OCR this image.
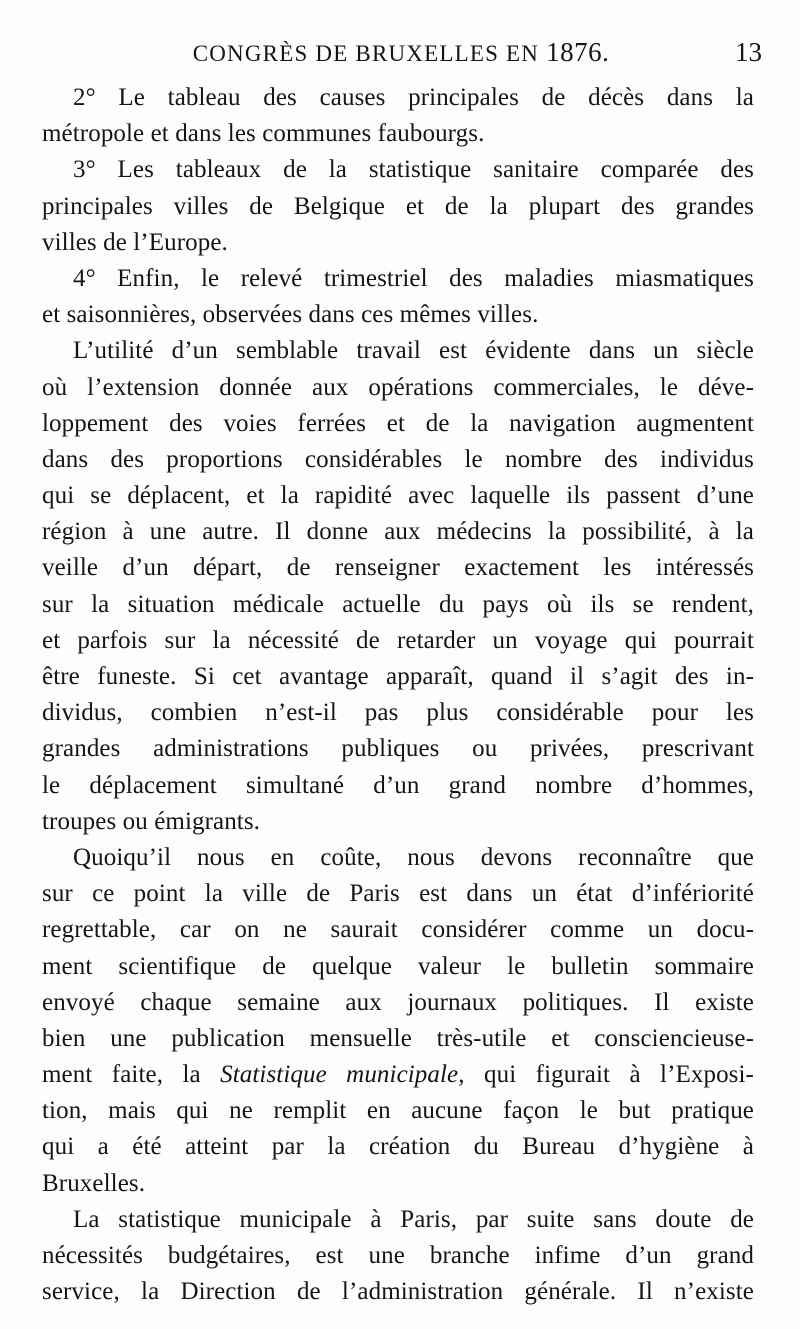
CONGRÈS DE BRUXELLES EN 1876.	13
2° Le tableau des causes principales de décès dans la
métropole et dans les communes faubourgs.
3° Les tableaux de la statistique sanitaire comparée des
principales villes de Belgique et de la plupart des grandes
villes de l’Europe.
4° Enfin, le relevé trimestriel des maladies miasmatiques
et saisonnières, observées dans ces mêmes villes.
L’utilité d’un semblable travail est évidente dans un siècle
où l’extension donnée aux opérations commerciales, le déve-
loppement des voies ferrées et de la navigation augmentent
dans des proportions considérables le nombre des individus
qui se déplacent, et la rapidité avec laquelle ils passent d’une
région à une autre. Il donne aux médecins la possibilité, à la
veille d’un départ, de renseigner exactement les intéressés
sur la situation médicale actuelle du pays où ils se rendent,
et parfois sur la nécessité de retarder un voyage qui pourrait
être funeste. Si cet avantage apparaît, quand il s’agit des in-
dividus, combien n’est-il pas plus considérable pour les
grandes administrations publiques ou privées, prescrivant
le déplacement simultané d’un grand nombre d’hommes,
troupes ou émigrants.
Quoiqu’il nous en coûte, nous devons reconnaître que
sur ce point la ville de Paris est dans un état d’infériorité
regrettable, car on ne saurait considérer comme un docu-
ment scientifique de quelque valeur le bulletin sommaire
envoyé chaque semaine aux journaux politiques. Il existe
bien une publication mensuelle très-utile et consciencieuse-
ment faite, la Statistique municipale, qui figurait à l’Exposi-
tion, mais qui ne remplit en aucune façon le but pratique
qui a été atteint par la création du Bureau d’hygiène à
Bruxelles.
La statistique municipale à Paris, par suite sans doute de
nécessités budgétaires, est une branche infime d’un grand
service, la Direction de l’administration générale. Il n’existe
